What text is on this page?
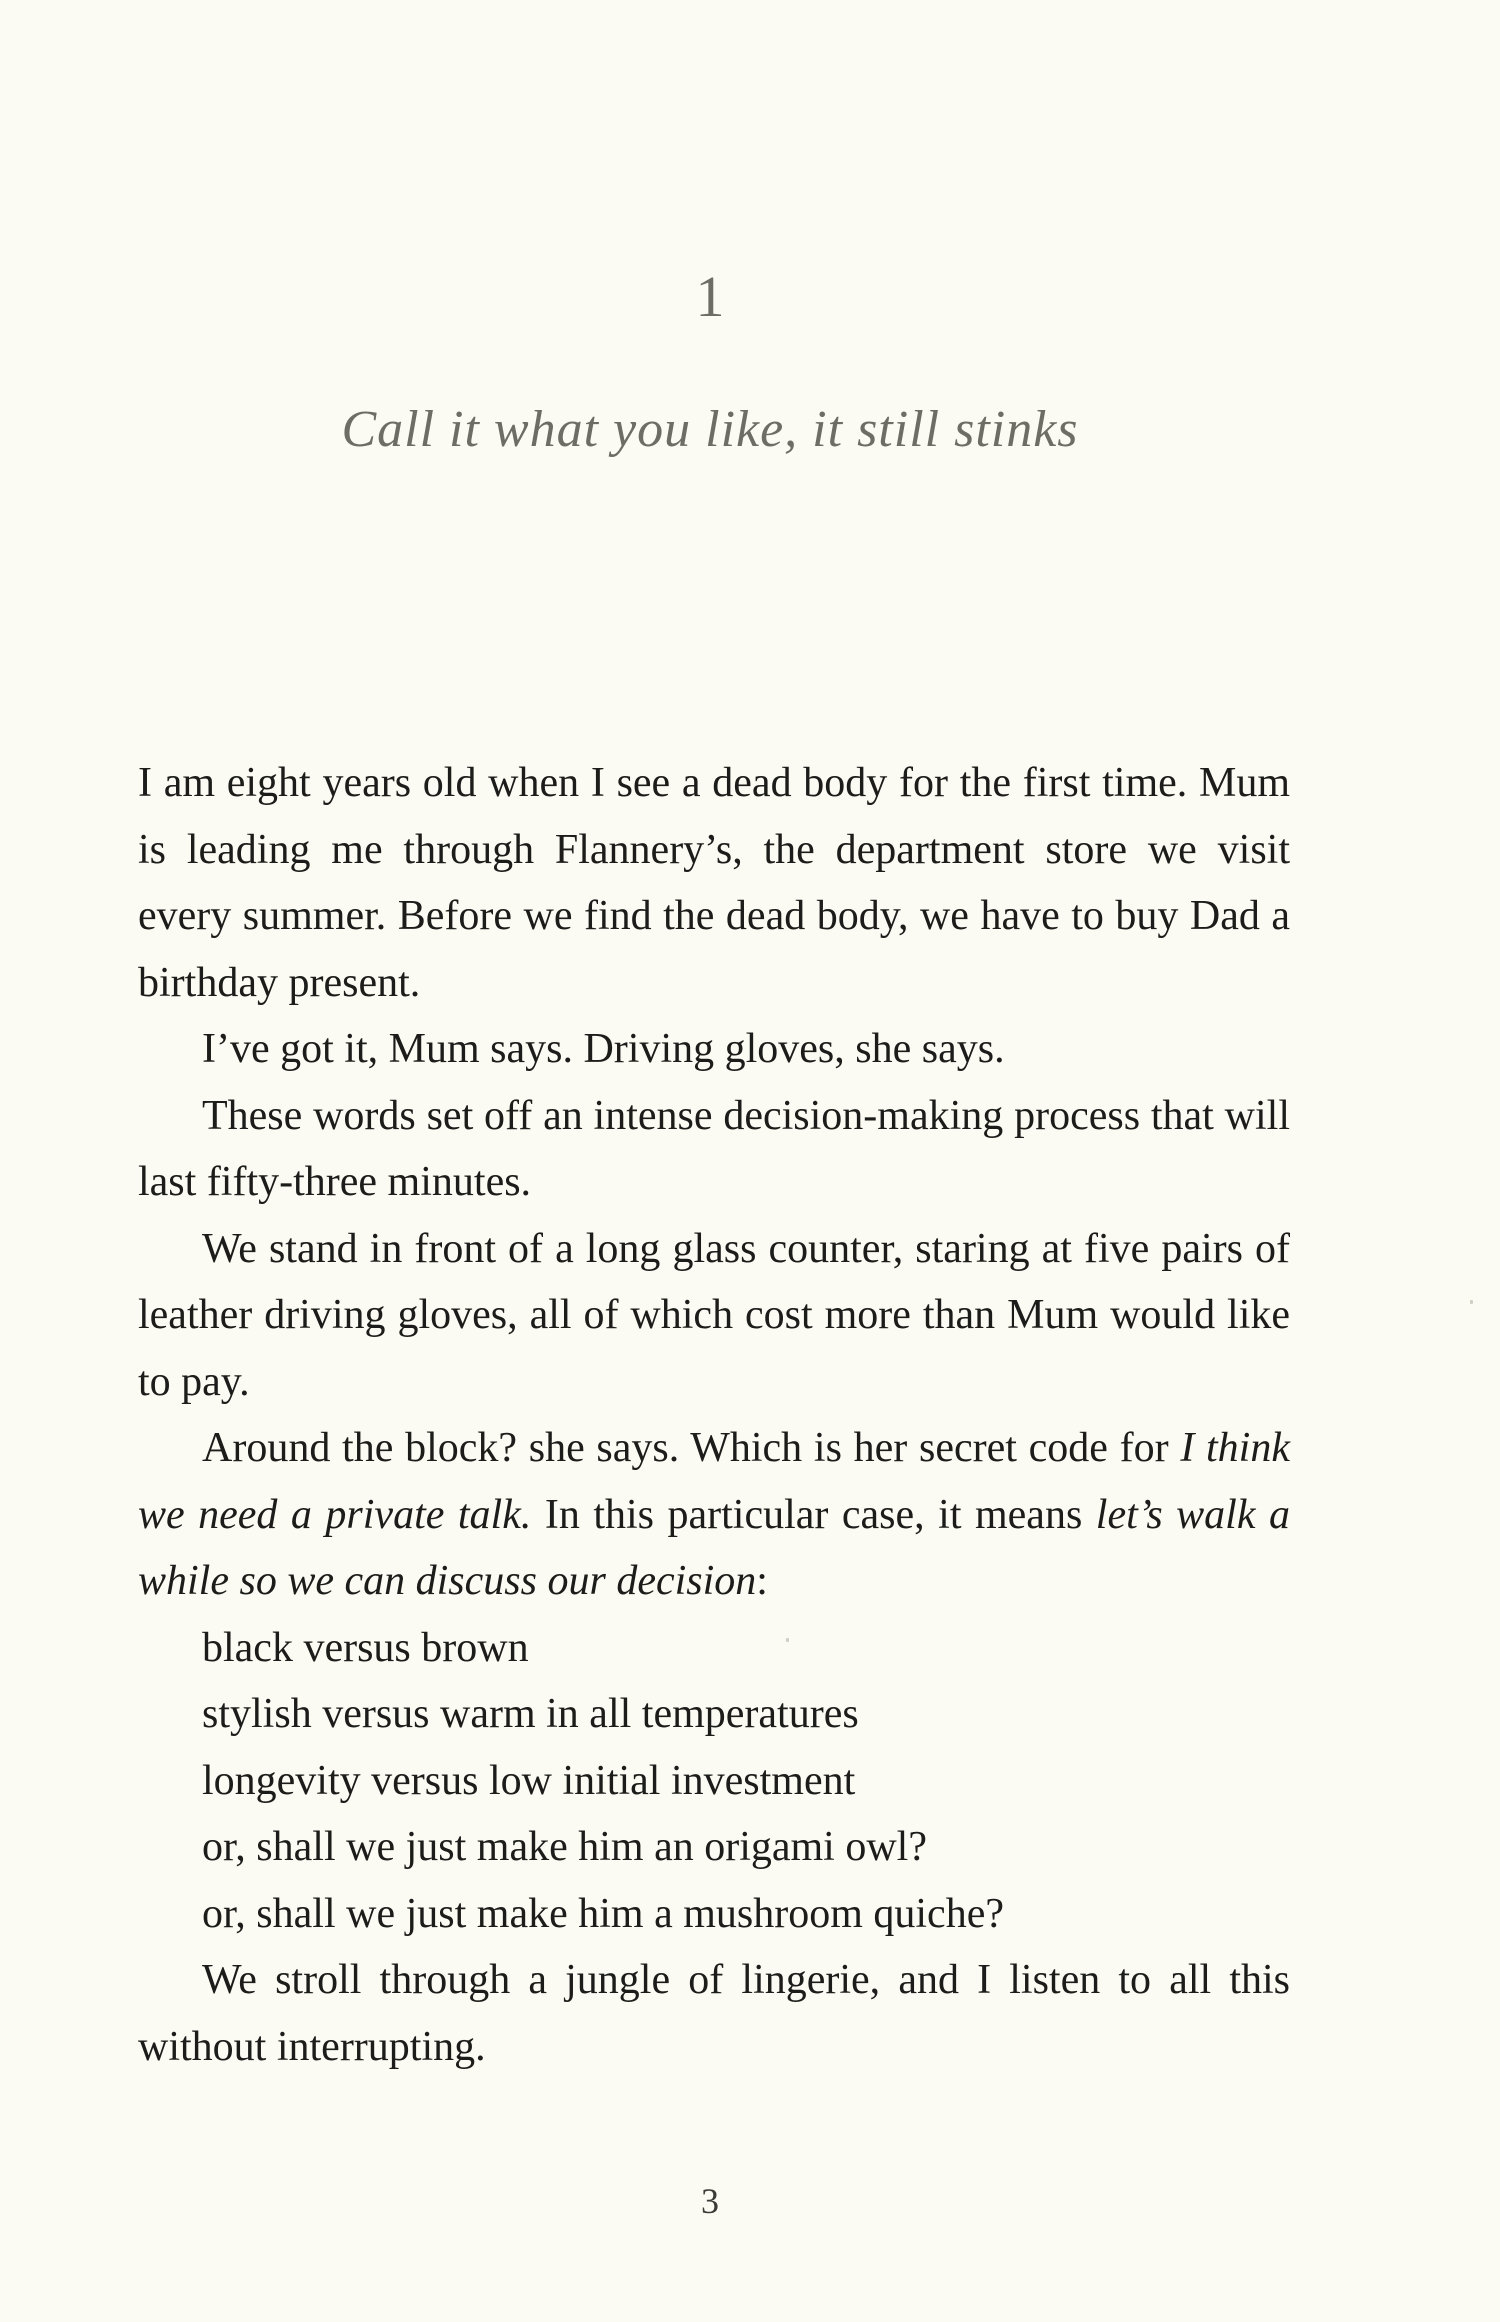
1
Call it what you like, it still stinks

I am eight years old when I see a dead body for the first time. Mum is leading me through Flannery’s, the department store we visit every summer. Before we find the dead body, we have to buy Dad a birthday present.

I’ve got it, Mum says. Driving gloves, she says.

These words set off an intense decision-making process that will last fifty-three minutes.

We stand in front of a long glass counter, staring at five pairs of leather driving gloves, all of which cost more than Mum would like to pay.

Around the block? she says. Which is her secret code for I think we need a private talk. In this particular case, it means let’s walk a while so we can discuss our decision:

black versus brown

stylish versus warm in all temperatures

longevity versus low initial investment

or, shall we just make him an origami owl?

or, shall we just make him a mushroom quiche?

We stroll through a jungle of lingerie, and I listen to all this without interrupting.

3
